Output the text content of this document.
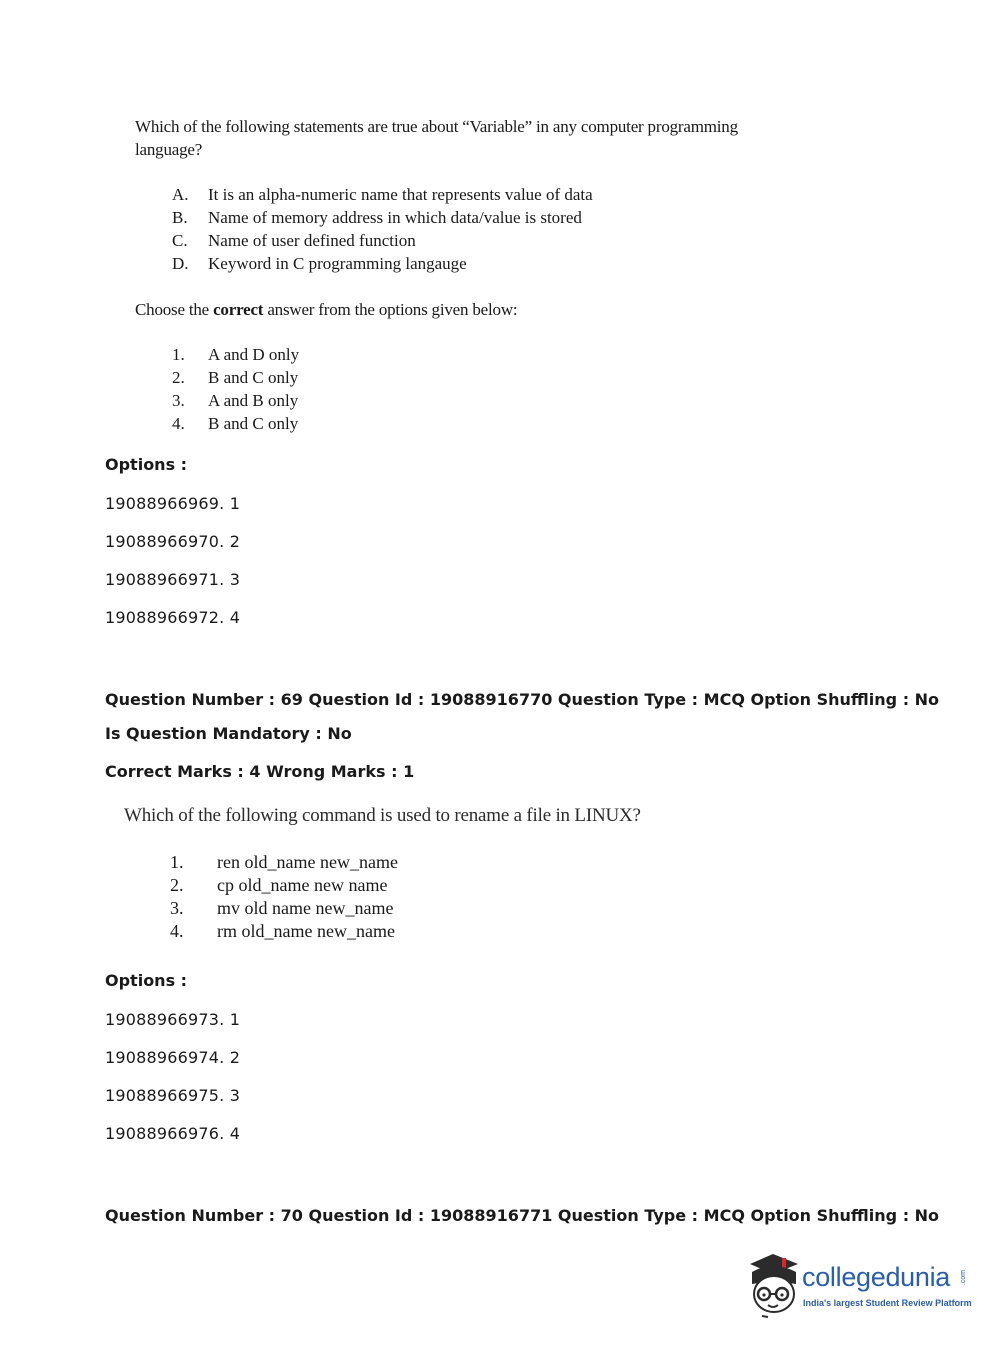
Which of the following statements are true about “Variable” in any computer programming
language?
A.	It is an alpha-numeric name that represents value of data
B.	Name of memory address in which data/value is stored
C.	Name of user defined function
D.	Keyword in C programming langauge
Choose the correct answer from the options given below:
1.	A and D only
2.	B and C only
3.	A and B only
4.	B and C only
Options :
19088966969. 1
19088966970. 2
19088966971. 3
19088966972. 4
Question Number : 69 Question Id : 19088916770 Question Type : MCQ Option Shuffling : No
Is Question Mandatory : No
Correct Marks : 4 Wrong Marks : 1
Which of the following command is used to rename a file in LINUX?
1.	ren old_name new_name
2.	cp old_name new name
3.	mv old name new_name
4.	rm old_name new_name
Options :
19088966973. 1
19088966974. 2
19088966975. 3
19088966976. 4
Question Number : 70 Question Id : 19088916771 Question Type : MCQ Option Shuffling : No
collegedunia .com
India's largest Student Review Platform
